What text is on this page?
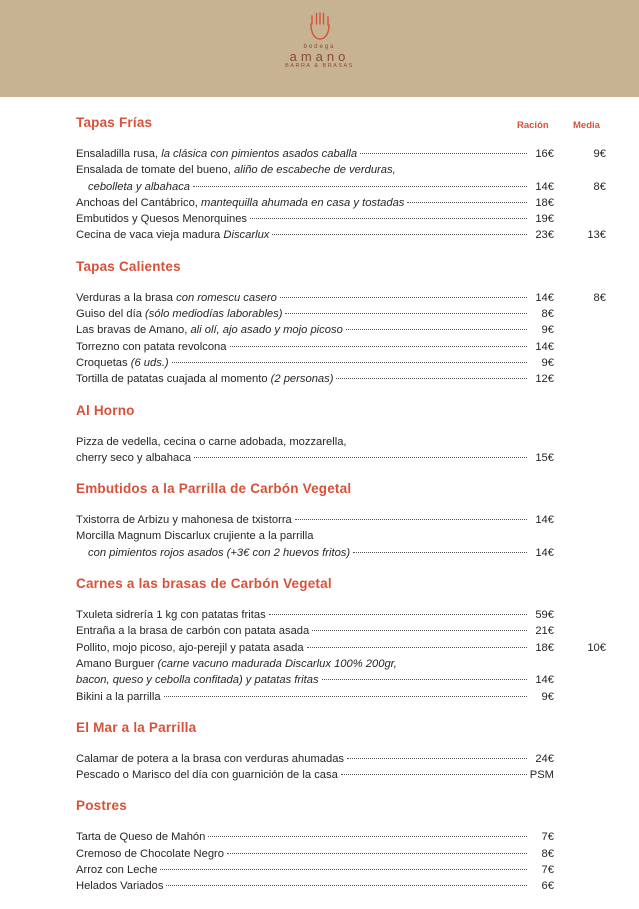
bodega
amano
BARRA & BRASAS
Ración	Media
Tapas Frías
Ensaladilla rusa, la clásica con pimientos asados caballa	16€	9€
Ensalada de tomate del bueno, aliño de escabeche de verduras,
cebolleta y albahaca	14€	8€
Anchoas del Cantábrico, mantequilla ahumada en casa y tostadas	18€
Embutidos y Quesos Menorquines	19€
Cecina de vaca vieja madura Discarlux	23€	13€
Tapas Calientes
Verduras a la brasa con romescu casero	14€	8€
Guiso del día (sólo mediodías laborables)	8€
Las bravas de Amano, ali olí, ajo asado y mojo picoso	9€
Torrezno con patata revolcona	14€
Croquetas (6 uds.)	9€
Tortilla de patatas cuajada al momento (2 personas)	12€
Al Horno
Pizza de vedella, cecina o carne adobada, mozzarella,
cherry seco y albahaca	15€
Embutidos a la Parrilla de Carbón Vegetal
Txistorra de Arbizu y mahonesa de txistorra	14€
Morcilla Magnum Discarlux crujiente a la parrilla
con pimientos rojos asados (+3€ con 2 huevos fritos)	14€
Carnes a las brasas de Carbón Vegetal
Txuleta sidrería 1 kg con patatas fritas	59€
Entraña a la brasa de carbón con patata asada	21€
Pollito, mojo picoso, ajo-perejil y patata asada	18€	10€
Amano Burguer (carne vacuno madurada Discarlux 100% 200gr,
bacon, queso y cebolla confitada) y patatas fritas	14€
Bikini a la parrilla	9€
El Mar a la Parrilla
Calamar de potera a la brasa con verduras ahumadas	24€
Pescado o Marisco del día con guarnición de la casa	PSM
Postres
Tarta de Queso de Mahón	7€
Cremoso de Chocolate Negro	8€
Arroz con Leche	7€
Helados Variados	6€
